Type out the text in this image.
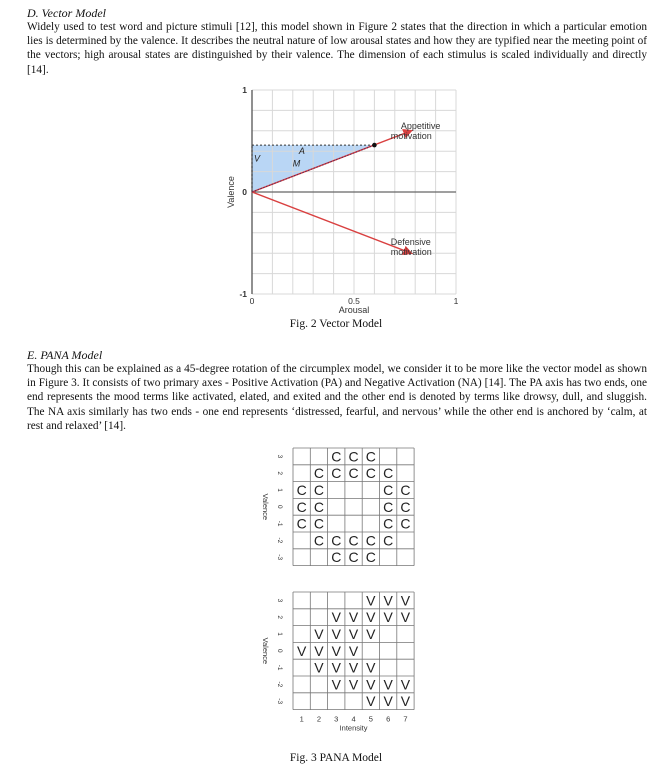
D. Vector Model

Widely used to test word and picture stimuli [12], this model shown in Figure 2 states that the direction in which a particular emotion lies is determined by the valence. It describes the neutral nature of low arousal states and how they are typified near the meeting point of the vectors; high arousal states are distinguished by their valence. The dimension of each stimulus is scaled individually and directly [14].

Appetitive
motivation
Defensive
motivation
A
V
M
1
0
-1
0	0.5	1
Arousal
Valence
Fig. 2 Vector Model
E. PANA Model

Though this can be explained as a 45-degree rotation of the circumplex model, we consider it to be more like the vector model as shown in Figure 3. It consists of two primary axes - Positive Activation (PA) and Negative Activation (NA) [14]. The PA axis has two ends, one end represents the mood terms like activated, elated, and exited and the other end is denoted by terms like drowsy, dull, and sluggish. The NA axis similarly has two ends - one end represents ‘distressed, fearful, and nervous’ while the other end is anchored by ‘calm, at rest and relaxed’ [14].

C C C
C C C C C
C C	C C
C C	C C
C C	C C
C C C C C
C C C
3
2
1
0
-1
-2
-3
Valence
V V V
V V V V V
V V V V
V V V V
V V V V
V V V V V
V V V
3
2
1
0
-1
-2
-3
Valence
1 2 3 4 5 6 7
Intensity
Fig. 3 PANA Model
